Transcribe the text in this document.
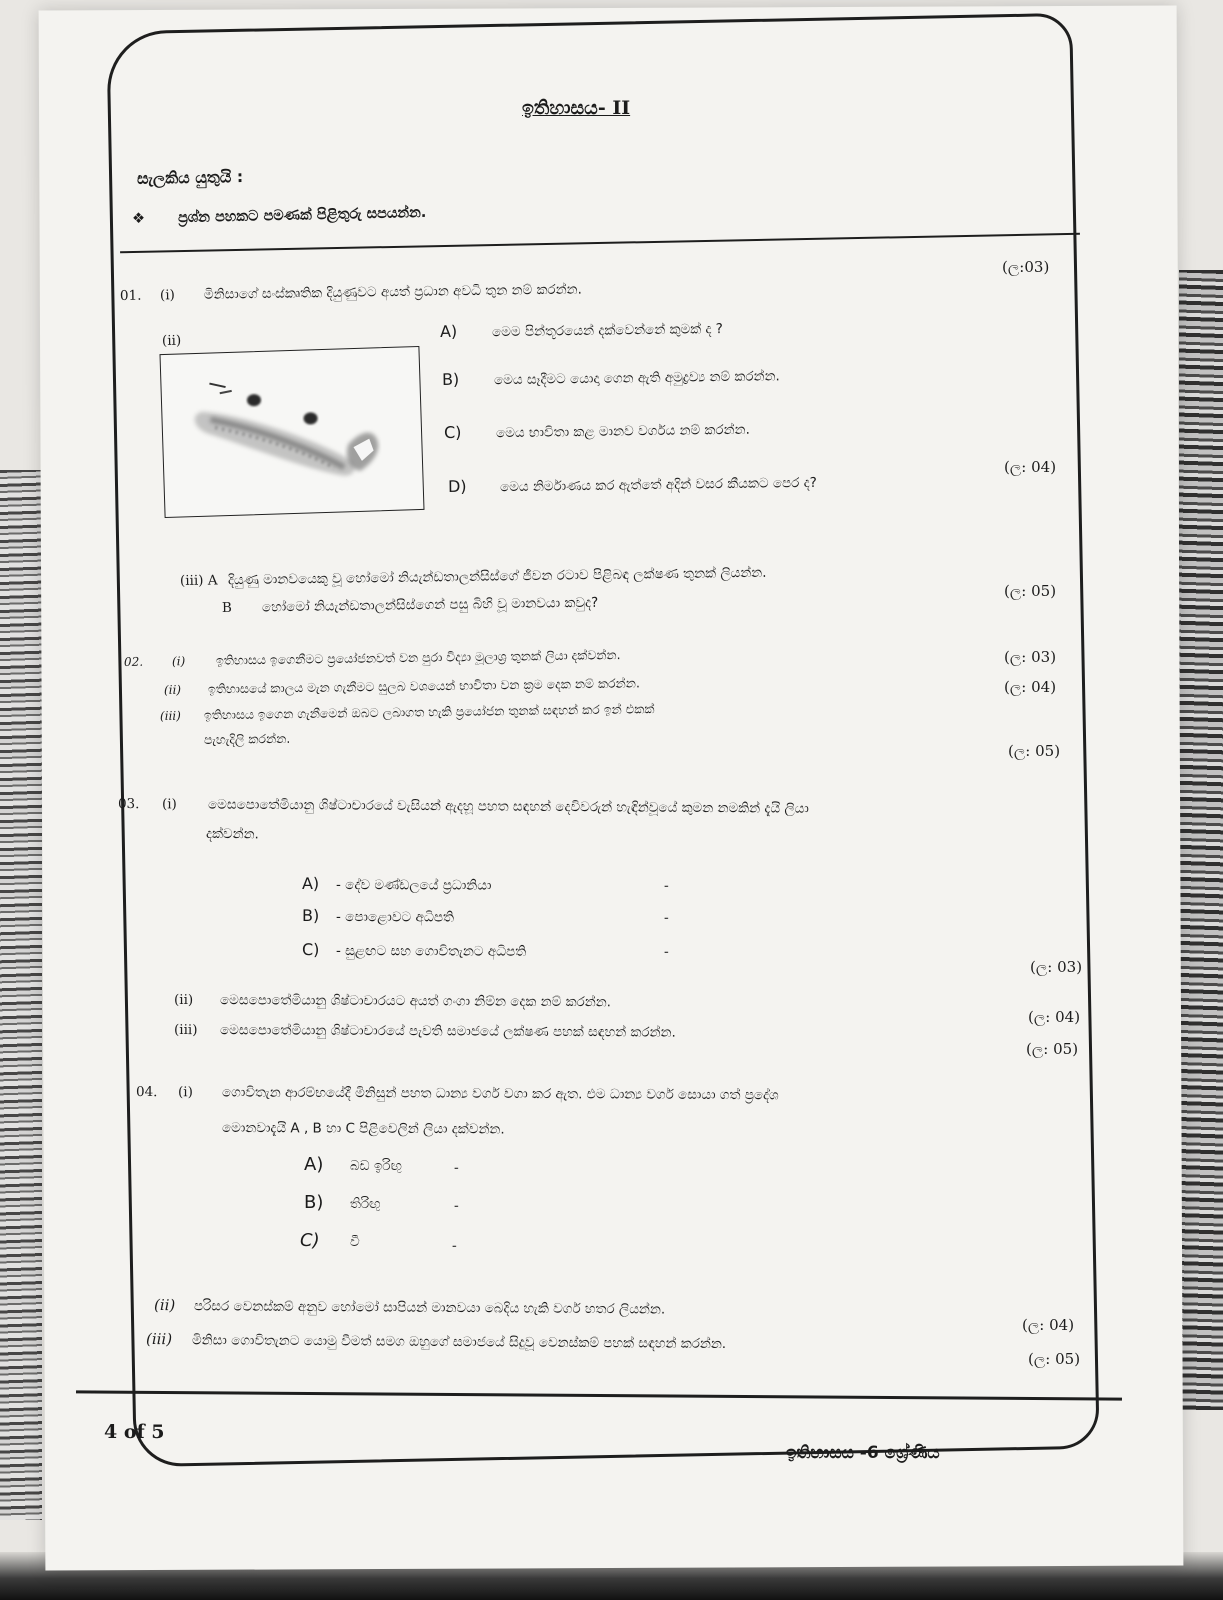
ඉතිහාසය- II
සැලකිය යුතුයි :
❖ ප්‍රශ්න පහකට පමණක් පිළිතුරු සපයන්න.
(ල:03)
01. (i) මිනිසාගේ සංස්කෘතික දියුණුවට අයත් ප්‍රධාන අවධි තුන නම් කරන්න.
(ii)	A)	මෙම පින්තූරයෙන් දක්වෙන්නේ කුමක් ද ?
B)	මෙය සෑදීමට යොදා ගෙන ඇති අමුද්‍රව්‍ය නම් කරන්න.
C)	මෙය භාවිතා කළ මානව වර්ගය නම් කරන්න.
D) මෙය නිර්මාණය කර ඇත්තේ අදින් වසර කීයකට පෙර ද?
(ල: 04)
(iii) A දියුණු මානවයෙකු වූ හෝමෝ නියැන්ඩතාලන්සිස්ගේ ජීවන රටාව පිළිබඳ ලක්ෂණ තුනක් ලියන්න.
B හෝමෝ නියැන්ඩතාලන්සිස්ගෙන් පසු බිහි වූ මානවයා කවුද?
(ල: 05)
02. (i) ඉතිහාසය ඉගෙනීමට ප්‍රයෝජනවත් වන පුරා විද්‍යා මූලාශ්‍ර තුනක් ලියා දක්වන්න.	(ල: 03)
(ii) ඉතිහාසයේ කාලය මැන ගැනීමට සුලබ වශයෙන් භාවිතා වන ක්‍රම දෙක නම් කරන්න.	(ල: 04)
(iii) ඉතිහාසය ඉගෙන ගැනීමෙන් ඔබට ලබාගත හැකි ප්‍රයෝජන තුනක් සඳහන් කර ඉන් එකක්
පැහැදිලි කරන්න.
(ල: 05)
03. (i) මෙසපොතේමියානු ශිෂ්ටාචාරයේ වැසියන් ඇදහූ පහත සඳහන් දෙවිවරුන් හැඳින්වූයේ කුමන නමකින් දැයි ලියා
දක්වන්න.
A) - දේව මණ්ඩලයේ ප්‍රධානියා	-
B) - පොළොවට අධිපති	-
C) - සුළඟට සහ ගොවිතැනට අධිපති	-
(ල: 03)
(ii) මෙසපොතේමියානු ශිෂ්ටාචාරයට අයත් ගංගා නිම්න දෙක නම් කරන්න.
(ල: 04)
(iii) මෙසපොතේමියානු ශිෂ්ටාචාරයේ පැවති සමාජයේ ලක්ෂණ පහක් සඳහන් කරන්න.
(ල: 05)
04. (i) ගොවිතැන ආරම්භයේදී මිනිසුන් පහත ධාන්‍ය වර්ග වගා කර ඇත. එම ධාන්‍ය වර්ග සොයා ගත් ප්‍රදේශ
මොනවාදැයි A , B හා C පිළිවෙලින් ලියා දක්වන්න.
A) බඩ ඉරිඟු	-
B) තිරිඟු	-
C) වී	-
(ii) පරිසර වෙනස්කම් අනුව හෝමෝ සාපියන් මානවයා බෙදිය හැකි වර්ග හතර ලියන්න.
(ල: 04)
(iii) මිනිසා ගොවිතැනට යොමු වීමත් සමග ඔහුගේ සමාජයේ සිදුවූ වෙනස්කම් පහක් සඳහන් කරන්න.
(ල: 05)
4 of 5
ඉතිහාසය -6 ශ්‍රේණිය
